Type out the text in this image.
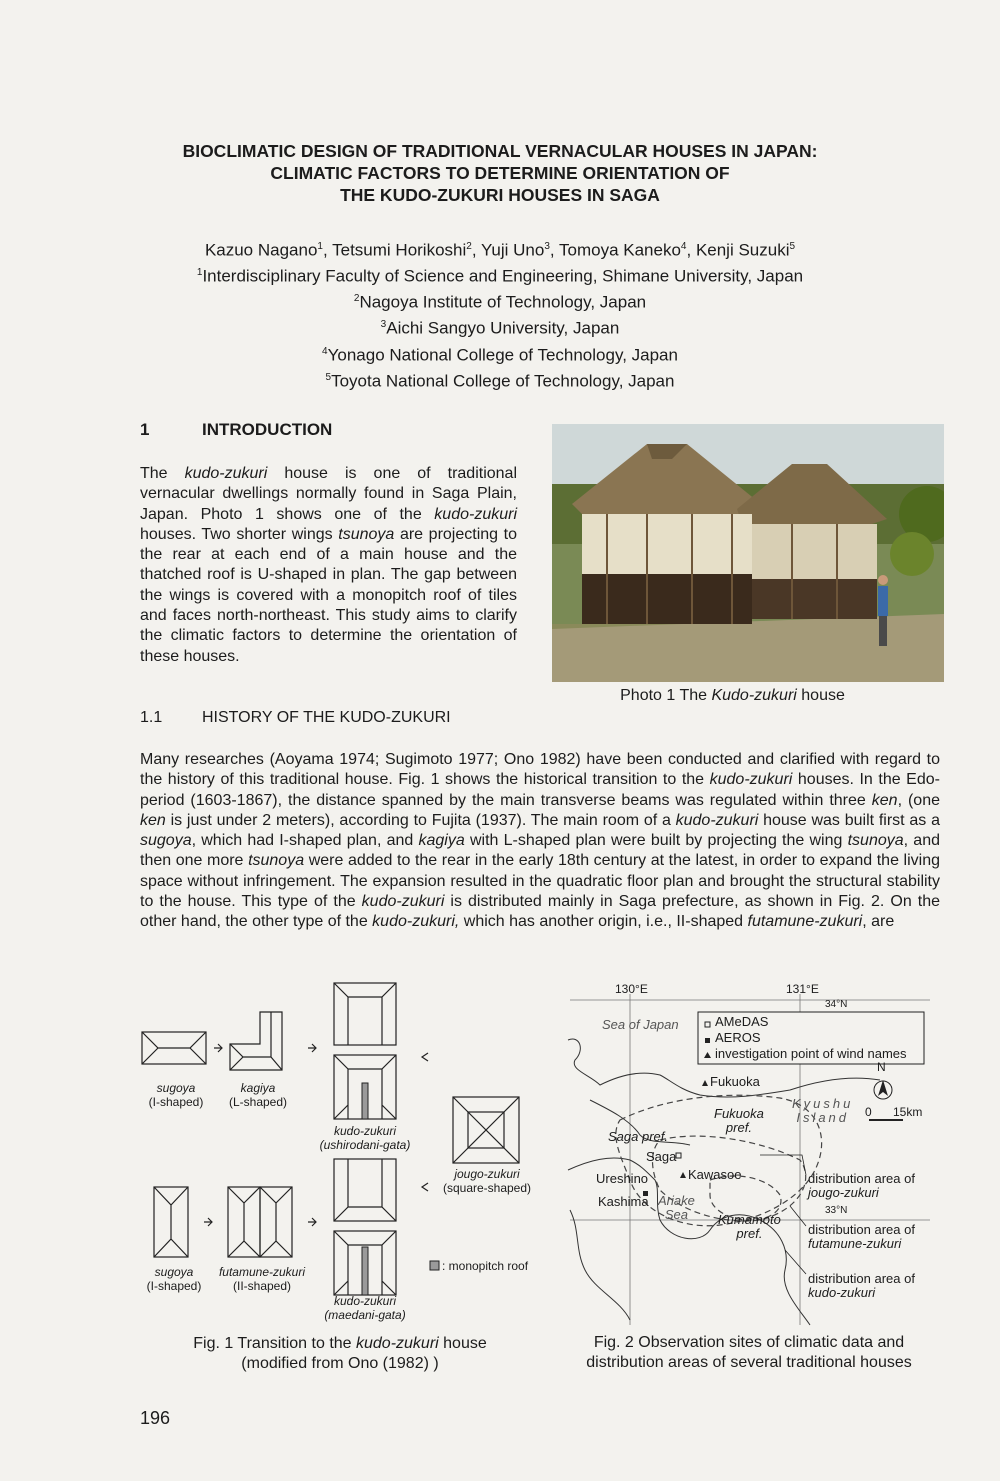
BIOCLIMATIC DESIGN OF TRADITIONAL VERNACULAR HOUSES IN JAPAN:
CLIMATIC FACTORS TO DETERMINE ORIENTATION OF
THE KUDO-ZUKURI HOUSES IN SAGA
Kazuo Nagano$^1$, Tetsumi Horikoshi$^2$, Yuji Uno$^3$, Tomoya Kaneko$^4$, Kenji Suzuki$^5$
$^1$Interdisciplinary Faculty of Science and Engineering, Shimane University, Japan
$^2$Nagoya Institute of Technology, Japan
$^3$Aichi Sangyo University, Japan
$^4$Yonago National College of Technology, Japan
$^5$Toyota National College of Technology, Japan
1	INTRODUCTION
The kudo-zukuri house is one of traditional vernacular dwellings normally found in Saga Plain, Japan. Photo 1 shows one of the kudo-zukuri houses. Two shorter wings tsunoya are projecting to the rear at each end of a main house and the thatched roof is U-shaped in plan. The gap between the wings is covered with a monopitch roof of tiles and faces north-northeast. This study aims to clarify the climatic factors to determine the orientation of these houses.
Photo 1 The Kudo-zukuri house
1.1 HISTORY OF THE KUDO-ZUKURI
Many researches (Aoyama 1974; Sugimoto 1977; Ono 1982) have been conducted and clarified with regard to the history of this traditional house. Fig. 1 shows the historical transition to the kudo-zukuri houses. In the Edo-period (1603-1867), the distance spanned by the main transverse beams was regulated within three ken, (one ken is just under 2 meters), according to Fujita (1937). The main room of a kudo-zukuri house was built first as a sugoya, which had I-shaped plan, and kagiya with L-shaped plan were built by projecting the wing tsunoya, and then one more tsunoya were added to the rear in the early 18th century at the latest, in order to expand the living space without infringement. The expansion resulted in the quadratic floor plan and brought the structural stability to the house. This type of the kudo-zukuri is distributed mainly in Saga prefecture, as shown in Fig. 2. On the other hand, the other type of the kudo-zukuri, which has another origin, i.e., II-shaped futamune-zukuri, are
sugoya
(I-shaped)
kagiya
(L-shaped)
kudo-zukuri
(ushirodani-gata)
jougo-zukuri
(square-shaped)
sugoya
(I-shaped)
futamune-zukuri
(II-shaped)
kudo-zukuri
(maedani-gata)
: monopitch roof
Fig. 1 Transition to the kudo-zukuri house
(modified from Ono (1982) )
130°E	131°E
34°N
33°N
Sea of Japan	AMeDAS
AEROS
investigation point of wind names
Fukuoka
Fukuoka
pref.
Kyushu
Island
Saga pref.
Saga
Kawasoe
Ureshino
Kashima Ariake
Sea	Kumamoto
pref.
N
0 15km
distribution area of
jougo-zukuri
distribution area of
futamune-zukuri
distribution area of
kudo-zukuri
Fig. 2 Observation sites of climatic data and
distribution areas of several traditional houses
196
